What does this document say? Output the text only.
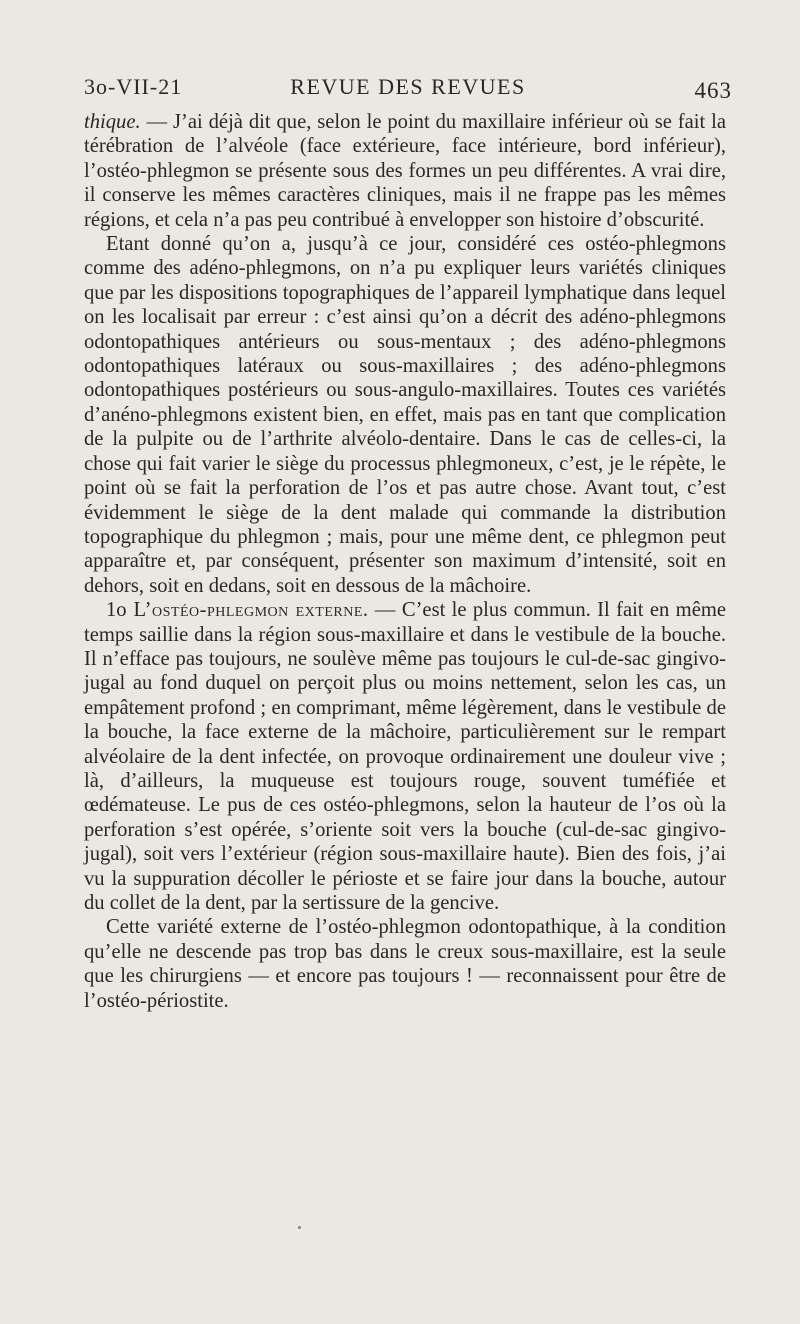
3o-VII-21	REVUE DES REVUES	463

thique. — J’ai déjà dit que, selon le point du maxillaire inférieur où se fait la térébration de l’alvéole (face extérieure, face intérieure, bord inférieur), l’ostéo-phlegmon se présente sous des formes un peu différentes. A vrai dire, il conserve les mêmes caractères cliniques, mais il ne frappe pas les mêmes régions, et cela n’a pas peu contribué à envelopper son histoire d’obscurité.

Etant donné qu’on a, jusqu’à ce jour, considéré ces ostéo-phlegmons comme des adéno-phlegmons, on n’a pu expliquer leurs variétés cliniques que par les dispositions topographiques de l’appareil lymphatique dans lequel on les localisait par erreur : c’est ainsi qu’on a décrit des adéno-phlegmons odontopathiques antérieurs ou sous-mentaux ; des adéno-phlegmons odontopathiques latéraux ou sous-maxillaires ; des adéno-phlegmons odontopathiques postérieurs ou sous-angulo-maxillaires. Toutes ces variétés d’anéno-phlegmons existent bien, en effet, mais pas en tant que complication de la pulpite ou de l’arthrite alvéolo-dentaire. Dans le cas de celles-ci, la chose qui fait varier le siège du processus phlegmoneux, c’est, je le répète, le point où se fait la perforation de l’os et pas autre chose. Avant tout, c’est évidemment le siège de la dent malade qui commande la distribution topographique du phlegmon ; mais, pour une même dent, ce phlegmon peut apparaître et, par conséquent, présenter son maximum d’intensité, soit en dehors, soit en dedans, soit en dessous de la mâchoire.

1o L’ostéo-phlegmon externe. — C’est le plus commun. Il fait en même temps saillie dans la région sous-maxillaire et dans le vestibule de la bouche. Il n’efface pas toujours, ne soulève même pas toujours le cul-de-sac gingivo-jugal au fond duquel on perçoit plus ou moins nettement, selon les cas, un empâtement profond ; en comprimant, même légèrement, dans le vestibule de la bouche, la face externe de la mâchoire, particulièrement sur le rempart alvéolaire de la dent infectée, on provoque ordinairement une douleur vive ; là, d’ailleurs, la muqueuse est toujours rouge, souvent tuméfiée et œdémateuse. Le pus de ces ostéo-phlegmons, selon la hauteur de l’os où la perforation s’est opérée, s’oriente soit vers la bouche (cul-de-sac gingivo-jugal), soit vers l’extérieur (région sous-maxillaire haute). Bien des fois, j’ai vu la suppuration décoller le périoste et se faire jour dans la bouche, autour du collet de la dent, par la sertissure de la gencive.

Cette variété externe de l’ostéo-phlegmon odontopathique, à la condition qu’elle ne descende pas trop bas dans le creux sous-maxillaire, est la seule que les chirurgiens — et encore pas toujours ! — reconnaissent pour être de l’ostéo-périostite.
